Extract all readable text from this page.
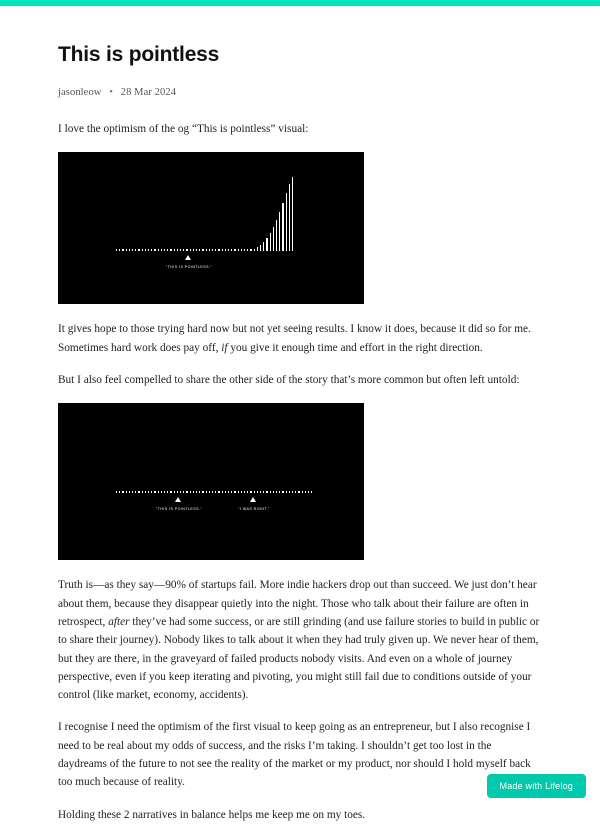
This is pointless
jasonleow • 28 Mar 2024

I love the optimism of the og “This is pointless” visual:

"THIS IS POINTLESS."

It gives hope to those trying hard now but not yet seeing results. I know it does, because it did so for me. Sometimes hard work does pay off, if you give it enough time and effort in the right direction.

But I also feel compelled to share the other side of the story that’s more common but often left untold:

"THIS IS POINTLESS."	"I WAS RIGHT."

Truth is—as they say—90% of startups fail. More indie hackers drop out than succeed. We just don’t hear about them, because they disappear quietly into the night. Those who talk about their failure are often in retrospect, after they’ve had some success, or are still grinding (and use failure stories to build in public or to share their journey). Nobody likes to talk about it when they had truly given up. We never hear of them, but they are there, in the graveyard of failed products nobody visits. And even on a whole of journey perspective, even if you keep iterating and pivoting, you might still fail due to conditions outside of your control (like market, economy, accidents).

I recognise I need the optimism of the first visual to keep going as an entrepreneur, but I also recognise I need to be real about my odds of success, and the risks I’m taking. I shouldn’t get too lost in the daydreams of the future to not see the reality of the market or my product, nor should I hold myself back too much because of reality.

Holding these 2 narratives in balance helps me keep me on my toes.

Made with Lifelog
